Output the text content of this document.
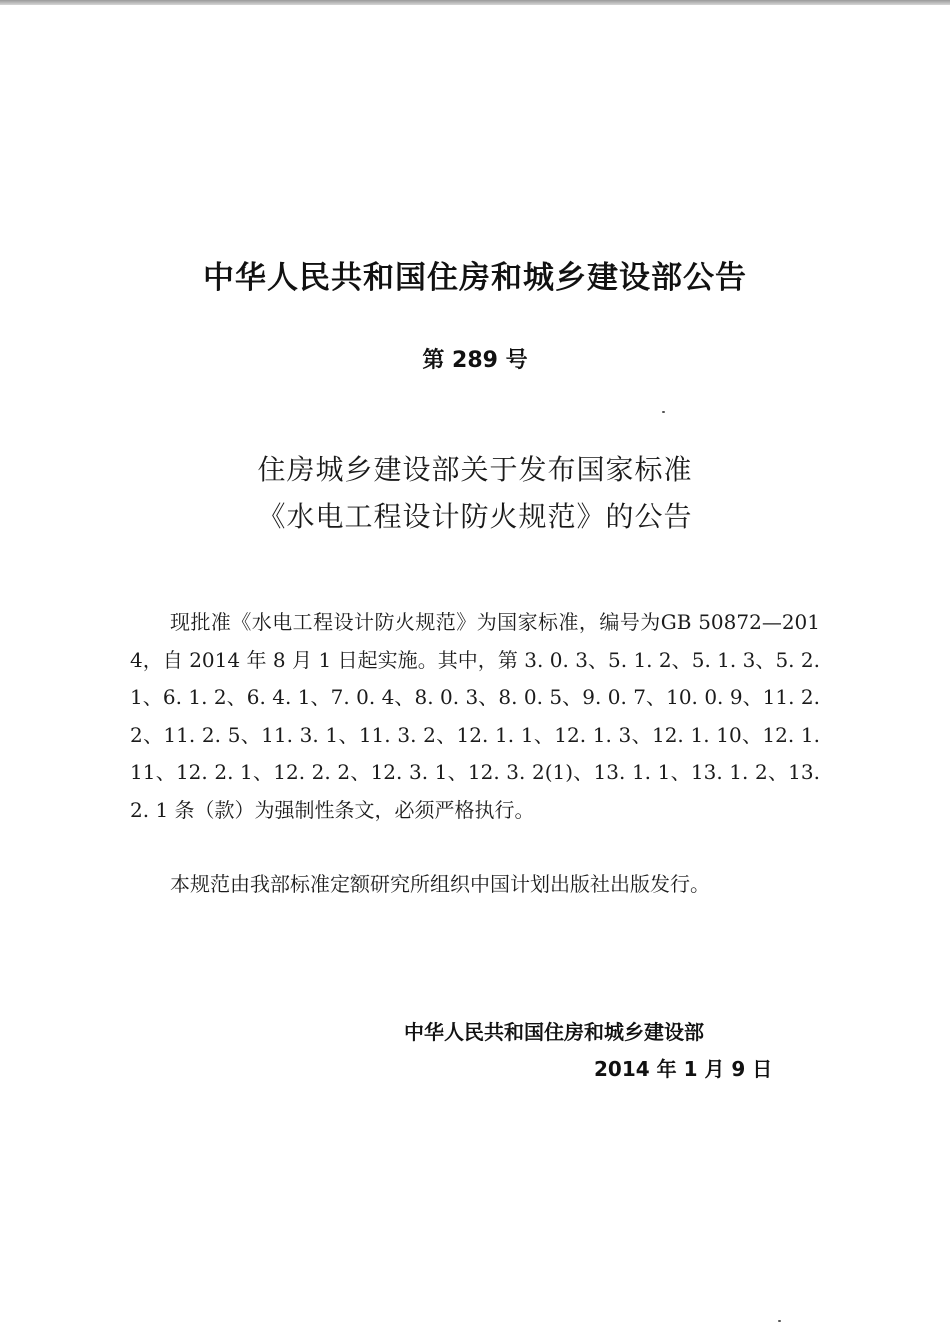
中华人民共和国住房和城乡建设部公告
第 289 号
住房城乡建设部关于发布国家标准
《水电工程设计防火规范》的公告

现批准《水电工程设计防火规范》为国家标准，编号为GB 50872—2014，自 2014 年 8 月 1 日起实施。其中，第 3. 0. 3、5. 1. 2、5. 1. 3、5. 2. 1、6. 1. 2、6. 4. 1、7. 0. 4、8. 0. 3、8. 0. 5、9. 0. 7、10. 0. 9、11. 2. 2、11. 2. 5、11. 3. 1、11. 3. 2、12. 1. 1、12. 1. 3、12. 1. 10、12. 1. 11、12. 2. 1、12. 2. 2、12. 3. 1、12. 3. 2(1)、13. 1. 1、13. 1. 2、13. 2. 1 条（款）为强制性条文，必须严格执行。

本规范由我部标准定额研究所组织中国计划出版社出版发行。

中华人民共和国住房和城乡建设部
2014 年 1 月 9 日
